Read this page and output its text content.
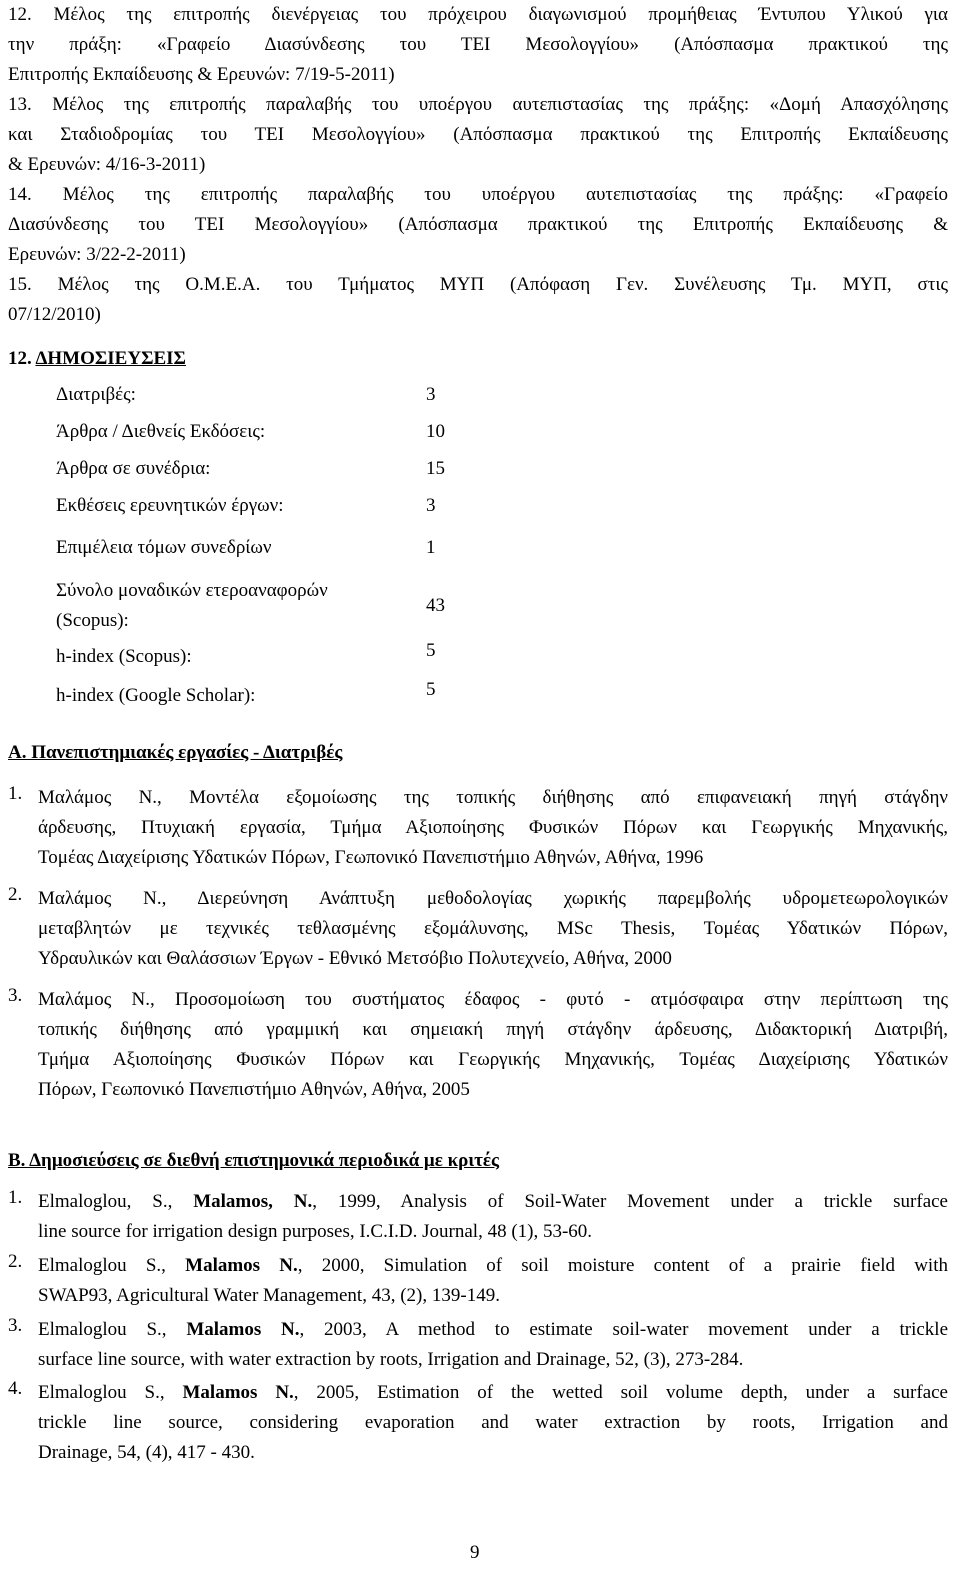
12. Μέλος της επιτροπής διενέργειας του πρόχειρου διαγωνισμού προμήθειας Έντυπου Υλικού για
την πράξη: «Γραφείο Διασύνδεσης του ΤΕΙ Μεσολογγίου» (Απόσπασμα πρακτικού της
Επιτροπής Εκπαίδευσης & Ερευνών: 7/19-5-2011)
13. Μέλος της επιτροπής παραλαβής του υποέργου αυτεπιστασίας της πράξης: «Δομή Απασχόλησης
και Σταδιοδρομίας του ΤΕΙ Μεσολογγίου» (Απόσπασμα πρακτικού της Επιτροπής Εκπαίδευσης
& Ερευνών: 4/16-3-2011)
14. Μέλος της επιτροπής παραλαβής του υποέργου αυτεπιστασίας της πράξης: «Γραφείο
Διασύνδεσης του ΤΕΙ Μεσολογγίου» (Απόσπασμα πρακτικού της Επιτροπής Εκπαίδευσης &
Ερευνών: 3/22-2-2011)
15. Μέλος της Ο.Μ.Ε.Α. του Τμήματος ΜΥΠ (Απόφαση Γεν. Συνέλευσης Τμ. ΜΥΠ, στις
07/12/2010)
12. ΔΗΜΟΣΙΕΥΣΕΙΣ
Διατριβές:	3
Άρθρα / Διεθνείς Εκδόσεις:	10
Άρθρα σε συνέδρια:	15
Εκθέσεις ερευνητικών έργων:	3
Επιμέλεια τόμων συνεδρίων	1
Σύνολο μοναδικών ετεροαναφορών
(Scopus):
43
h-index (Scopus):	5
h-index (Google Scholar):	5
Α. Πανεπιστημιακές εργασίες - Διατριβές
1. Μαλάμος Ν., Μοντέλα εξομοίωσης της τοπικής διήθησης από επιφανειακή πηγή στάγδην
άρδευσης, Πτυχιακή εργασία, Τμήμα Αξιοποίησης Φυσικών Πόρων και Γεωργικής Μηχανικής,
Τομέας Διαχείρισης Υδατικών Πόρων, Γεωπονικό Πανεπιστήμιο Αθηνών, Αθήνα, 1996
2. Μαλάμος Ν., Διερεύνηση Ανάπτυξη μεθοδολογίας χωρικής παρεμβολής υδρομετεωρολογικών
μεταβλητών με τεχνικές τεθλασμένης εξομάλυνσης, MSc Thesis, Τομέας Υδατικών Πόρων,
Υδραυλικών και Θαλάσσιων Έργων - Εθνικό Μετσόβιο Πολυτεχνείο, Αθήνα, 2000
3. Μαλάμος Ν., Προσομοίωση του συστήματος έδαφος - φυτό - ατμόσφαιρα στην περίπτωση της
τοπικής διήθησης από γραμμική και σημειακή πηγή στάγδην άρδευσης, Διδακτορική Διατριβή,
Τμήμα Αξιοποίησης Φυσικών Πόρων και Γεωργικής Μηχανικής, Τομέας Διαχείρισης Υδατικών
Πόρων, Γεωπονικό Πανεπιστήμιο Αθηνών, Αθήνα, 2005
Β. Δημοσιεύσεις σε διεθνή επιστημονικά περιοδικά με κριτές
1. Elmaloglou, S., Malamos, N., 1999, Analysis of Soil-Water Movement under a trickle surface
line source for irrigation design purposes, I.C.I.D. Journal, 48 (1), 53-60.
2. Elmaloglou S., Malamos N., 2000, Simulation of soil moisture content of a prairie field with
SWAP93, Agricultural Water Management, 43, (2), 139-149.
3. Elmaloglou S., Malamos N., 2003, A method to estimate soil-water movement under a trickle
surface line source, with water extraction by roots, Irrigation and Drainage, 52, (3), 273-284.
4. Elmaloglou S., Malamos N., 2005, Estimation of the wetted soil volume depth, under a surface
trickle line source, considering evaporation and water extraction by roots, Irrigation and
Drainage, 54, (4), 417 - 430.
9
